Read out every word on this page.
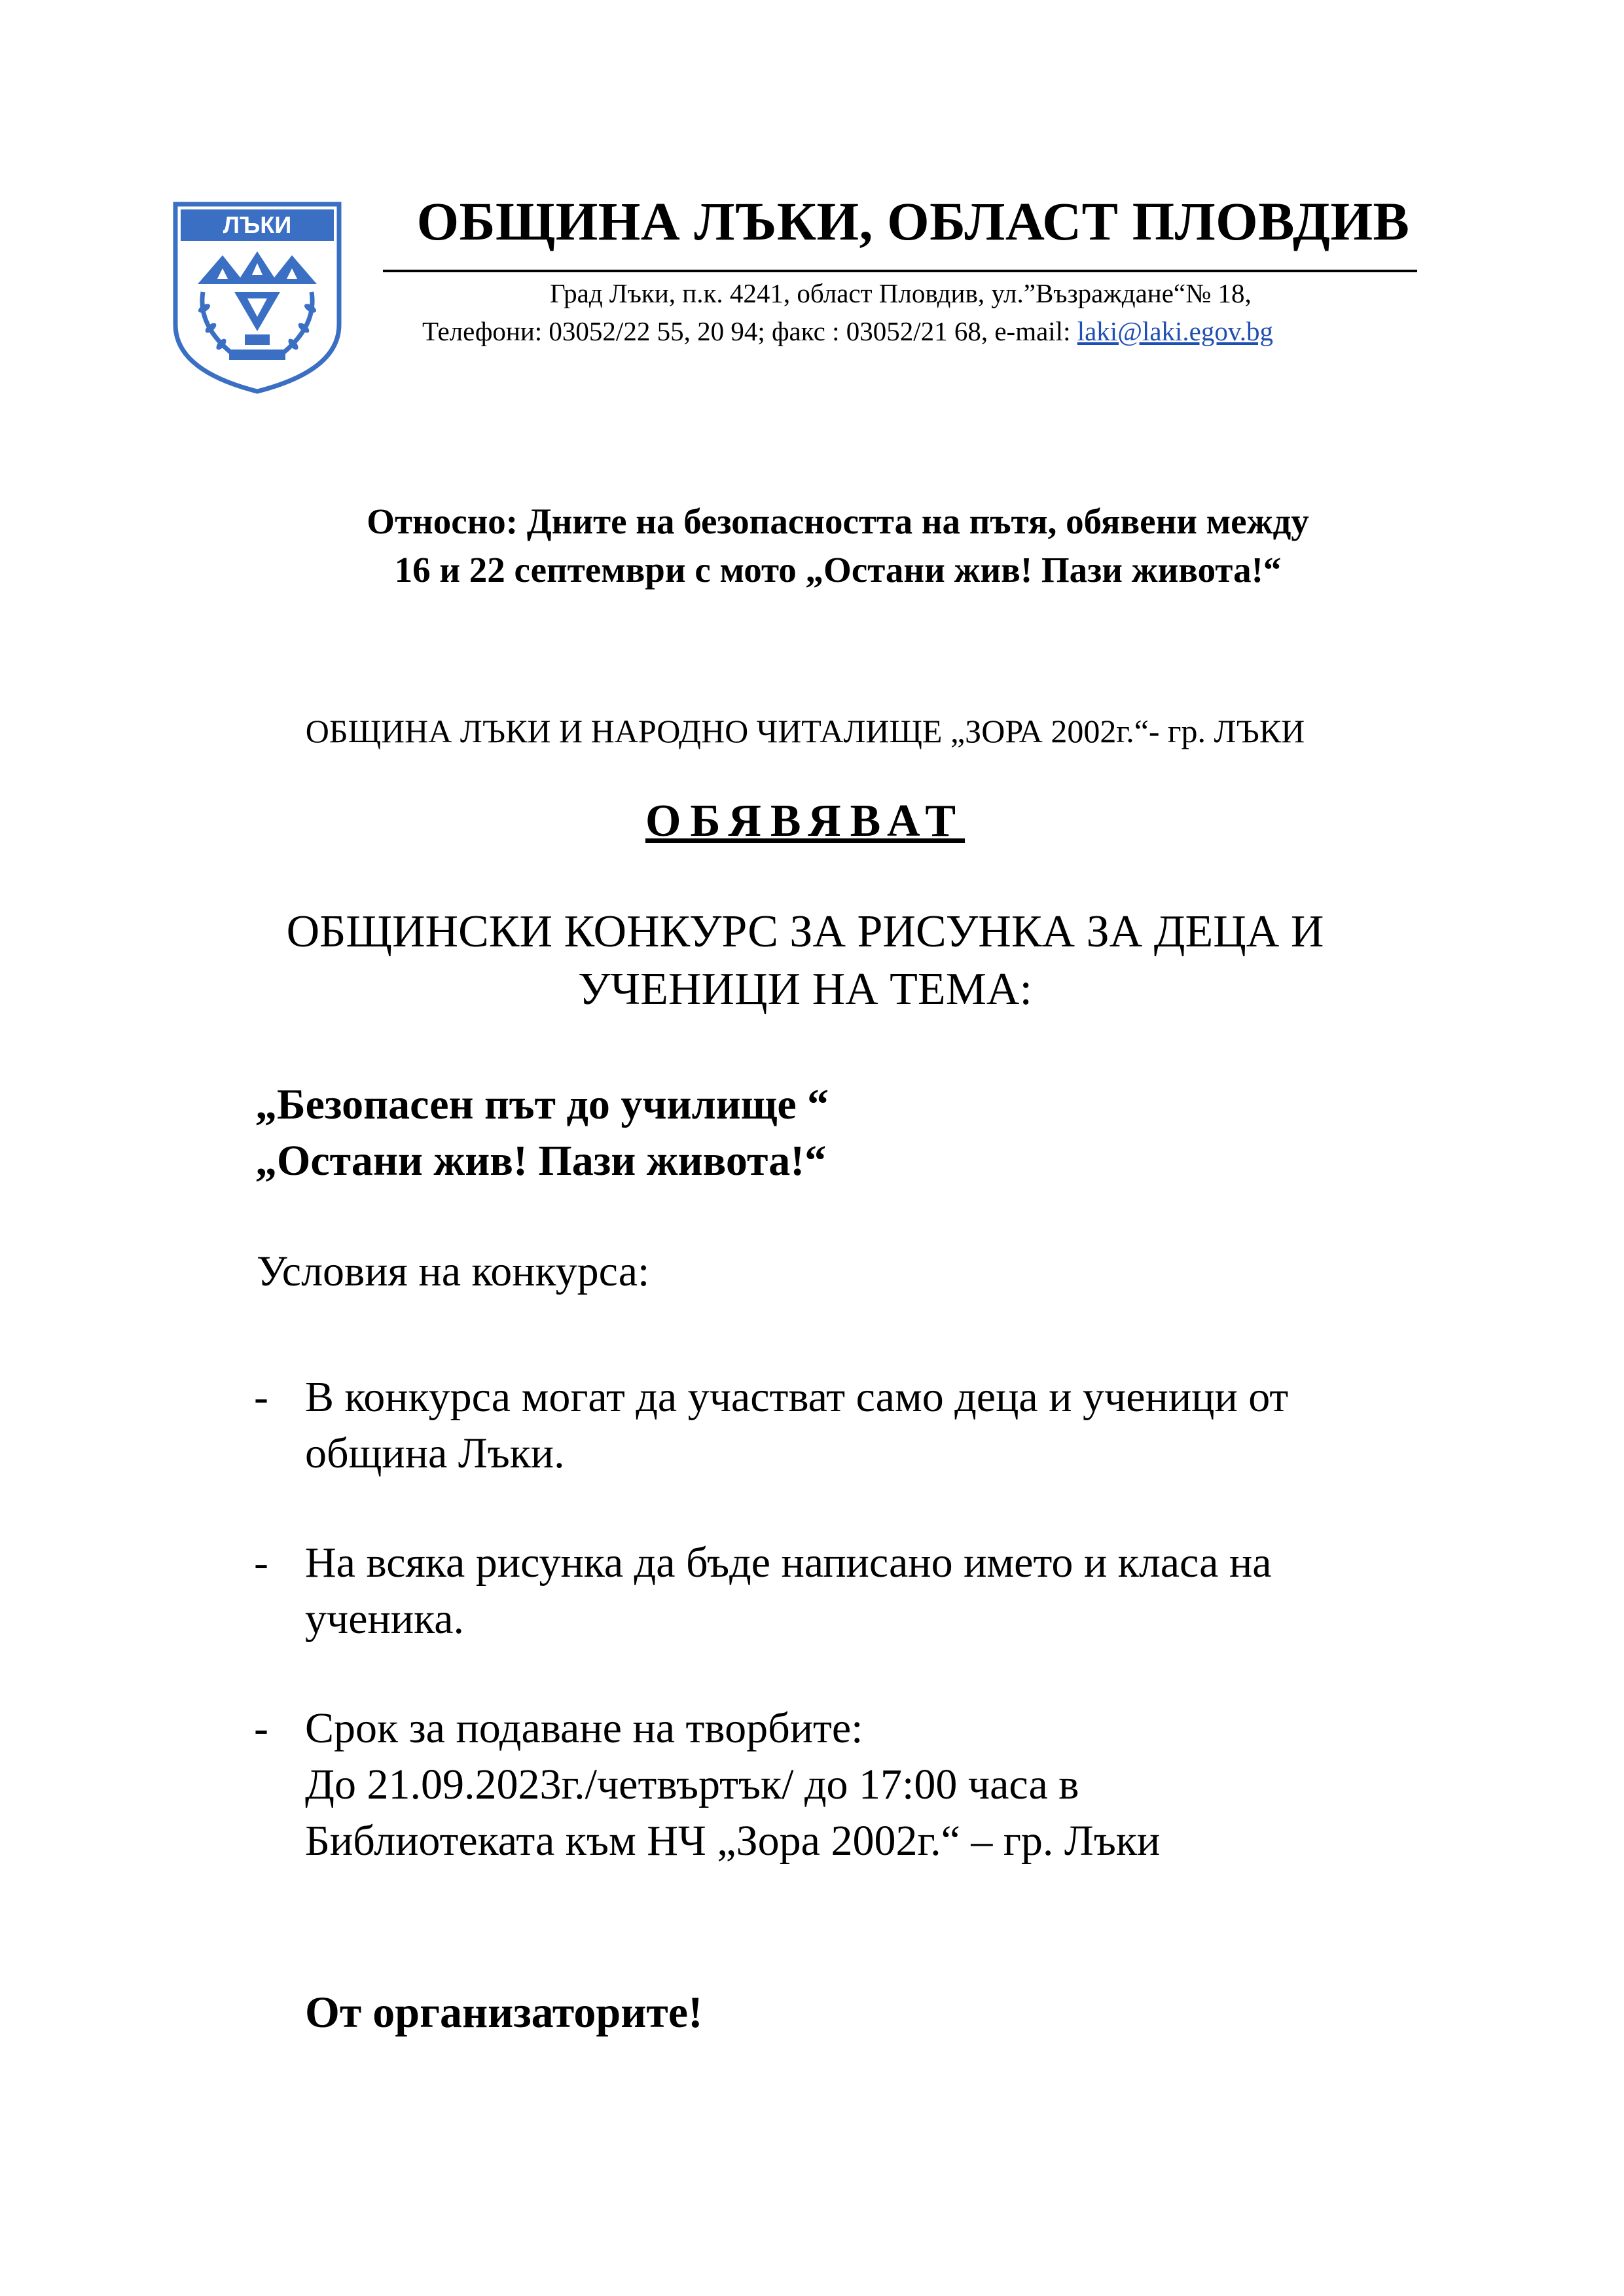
ЛЪКИ	ОБЩИНА ЛЪКИ, ОБЛАСТ ПЛОВДИВ
Град Лъки, п.к. 4241, област Пловдив, ул.”Възраждане“№ 18,
Телефони: 03052/22 55, 20 94; факс : 03052/21 68, e-mail: laki@laki.egov.bg
Относно: Дните на безопасността на пътя, обявени между
16 и 22 септември с мото „Остани жив! Пази живота!“
ОБЩИНА ЛЪКИ И НАРОДНО ЧИТАЛИЩЕ „ЗОРА 2002г.“- гр. ЛЪКИ
ОБЯВЯВАТ
ОБЩИНСКИ КОНКУРС ЗА РИСУНКА ЗА ДЕЦА И
УЧЕНИЦИ НА ТЕМА:
„Безопасен път до училище “
„Остани жив! Пази живота!“
Условия на конкурса:
- В конкурса могат да участват само деца и ученици от
община Лъки.
- На всяка рисунка да бъде написано името и класа на
ученика.
- Срок за подаване на творбите:
До 21.09.2023г./четвъртък/ до 17:00 часа в
Библиотеката към НЧ „Зора 2002г.“ – гр. Лъки
От организаторите!
